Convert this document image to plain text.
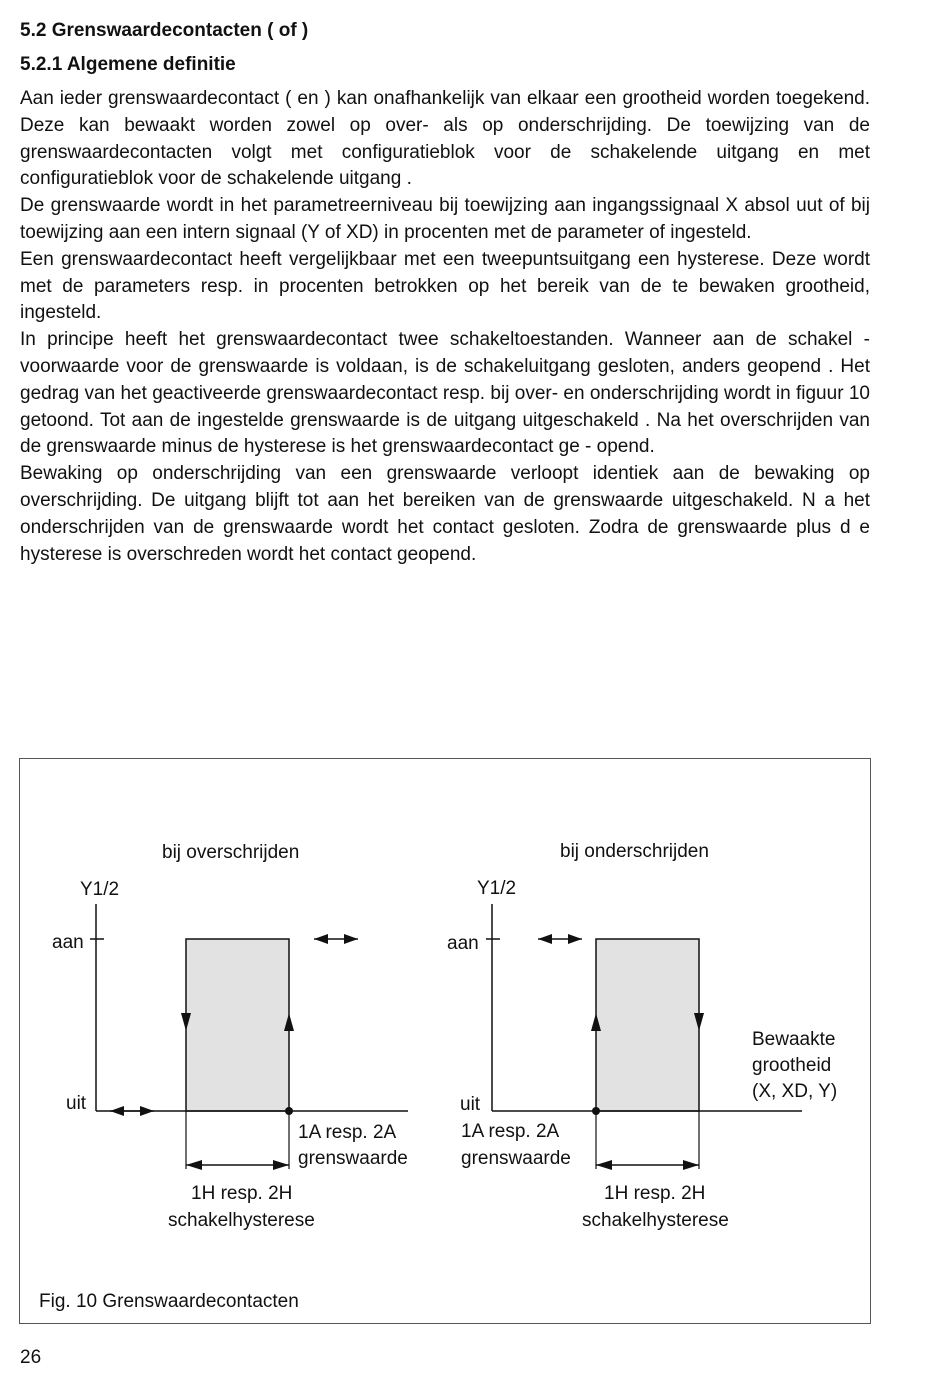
5.2 Grenswaardecontacten ( of )
5.2.1 Algemene definitie

Aan ieder grenswaardecontact ( en ) kan onafhankelijk van elkaar een grootheid worden toegekend. Deze kan bewaakt worden zowel op over- als op onderschrijding. De toewijzing van de grenswaardecontacten volgt met configuratieblok voor de schakelende uitgang en met configuratieblok voor de schakelende uitgang .

De grenswaarde wordt in het parametreerniveau bij toewijzing aan ingangssignaal X absol uut of bij toewijzing aan een intern signaal (Y of XD) in procenten met de parameter of ingesteld.

Een grenswaardecontact heeft vergelijkbaar met een tweepuntsuitgang een hysterese. Deze wordt met de parameters resp. in procenten betrokken op het bereik van de te bewaken grootheid, ingesteld.

In principe heeft het grenswaardecontact twee schakeltoestanden. Wanneer aan de schakel - voorwaarde voor de grenswaarde is voldaan, is de schakeluitgang gesloten, anders geopend . Het gedrag van het geactiveerde grenswaardecontact resp. bij over- en onderschrijding wordt in figuur 10 getoond. Tot aan de ingestelde grenswaarde is de uitgang uitgeschakeld . Na het overschrijden van de grenswaarde minus de hysterese is het grenswaardecontact ge - opend.

Bewaking op onderschrijding van een grenswaarde verloopt identiek aan de bewaking op overschrijding. De uitgang blijft tot aan het bereiken van de grenswaarde uitgeschakeld. N a het onderschrijden van de grenswaarde wordt het contact gesloten. Zodra de grenswaarde plus d e hysterese is overschreden wordt het contact geopend.

bij overschrijden
Y1/2
aan
uit
1A resp. 2A
grenswaarde
1H resp. 2H
schakelhysterese
bij onderschrijden
Y1/2
aan
uit
1A resp. 2A
grenswaarde
1H resp. 2H
schakelhysterese
Bewaakte
grootheid
(X, XD, Y)
Fig. 10 Grenswaardecontacten
26
